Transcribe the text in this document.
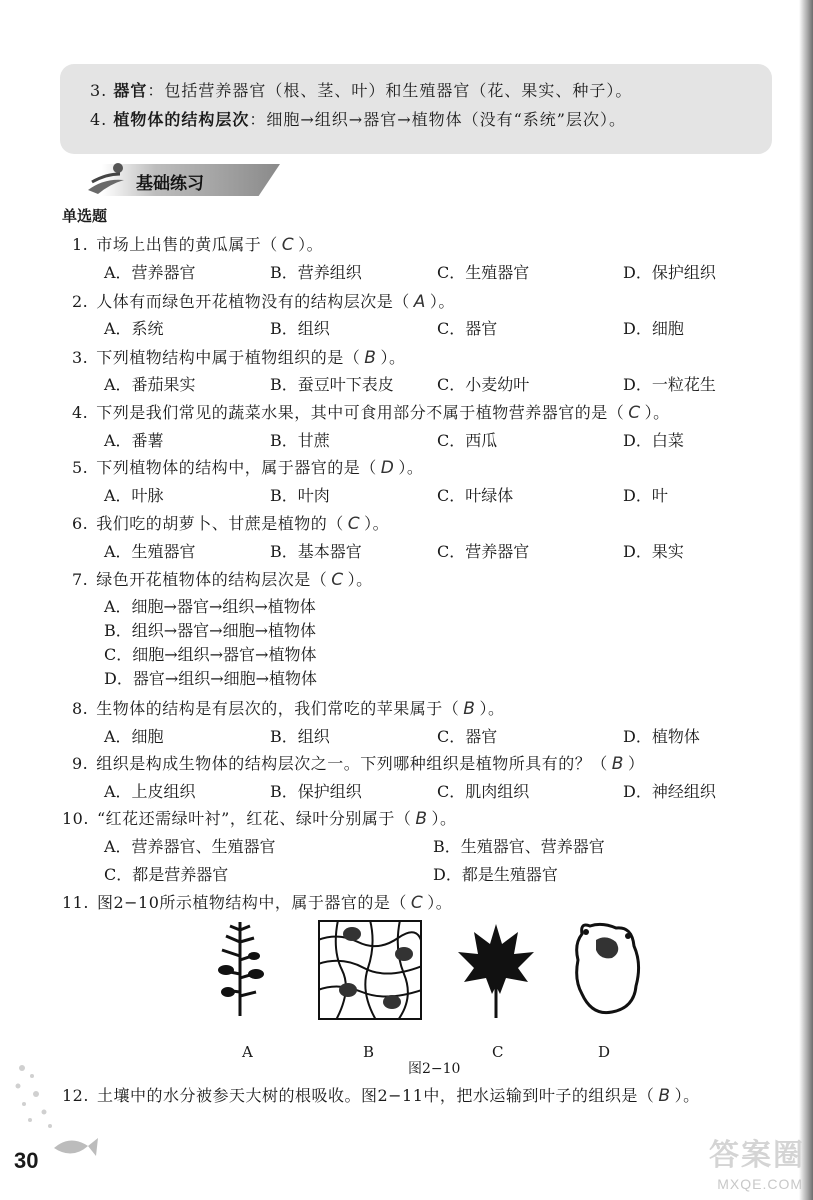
3. 器官：包括营养器官（根、茎、叶）和生殖器官（花、果实、种子）。
4. 植物体的结构层次：细胞→组织→器官→植物体（没有“系统”层次）。
基础练习
单选题
1. 市场上出售的黄瓜属于（ C ）。
A．营养器官	B．营养组织	C．生殖器官	D．保护组织
2. 人体有而绿色开花植物没有的结构层次是（ A ）。
A．系统	B．组织	C．器官	D．细胞
3. 下列植物结构中属于植物组织的是（ B ）。
A．番茄果实	B．蚕豆叶下表皮	C．小麦幼叶	D．一粒花生
4. 下列是我们常见的蔬菜水果，其中可食用部分不属于植物营养器官的是（ C ）。
A．番薯	B．甘蔗	C．西瓜	D．白菜
5. 下列植物体的结构中，属于器官的是（ D ）。
A．叶脉	B．叶肉	C．叶绿体	D．叶
6. 我们吃的胡萝卜、甘蔗是植物的（ C ）。
A．生殖器官	B．基本器官	C．营养器官	D．果实
7. 绿色开花植物体的结构层次是（ C ）。
A．细胞→器官→组织→植物体
B．组织→器官→细胞→植物体
C．细胞→组织→器官→植物体
D．器官→组织→细胞→植物体
8. 生物体的结构是有层次的，我们常吃的苹果属于（ B ）。
A．细胞	B．组织	C．器官	D．植物体
9. 组织是构成生物体的结构层次之一。下列哪种组织是植物所具有的？（ B ）
A．上皮组织	B．保护组织	C．肌肉组织	D．神经组织
10. “红花还需绿叶衬”，红花、绿叶分别属于（ B ）。
A．营养器官、生殖器官	B．生殖器官、营养器官
C．都是营养器官	D．都是生殖器官
11. 图2−10所示植物结构中，属于器官的是（ C ）。
12. 土壤中的水分被参天大树的根吸收。图2−11中，把水运输到叶子的组织是（ B ）。
A	B	C	D
图2−10
30	答案圈
MXQE.COM
